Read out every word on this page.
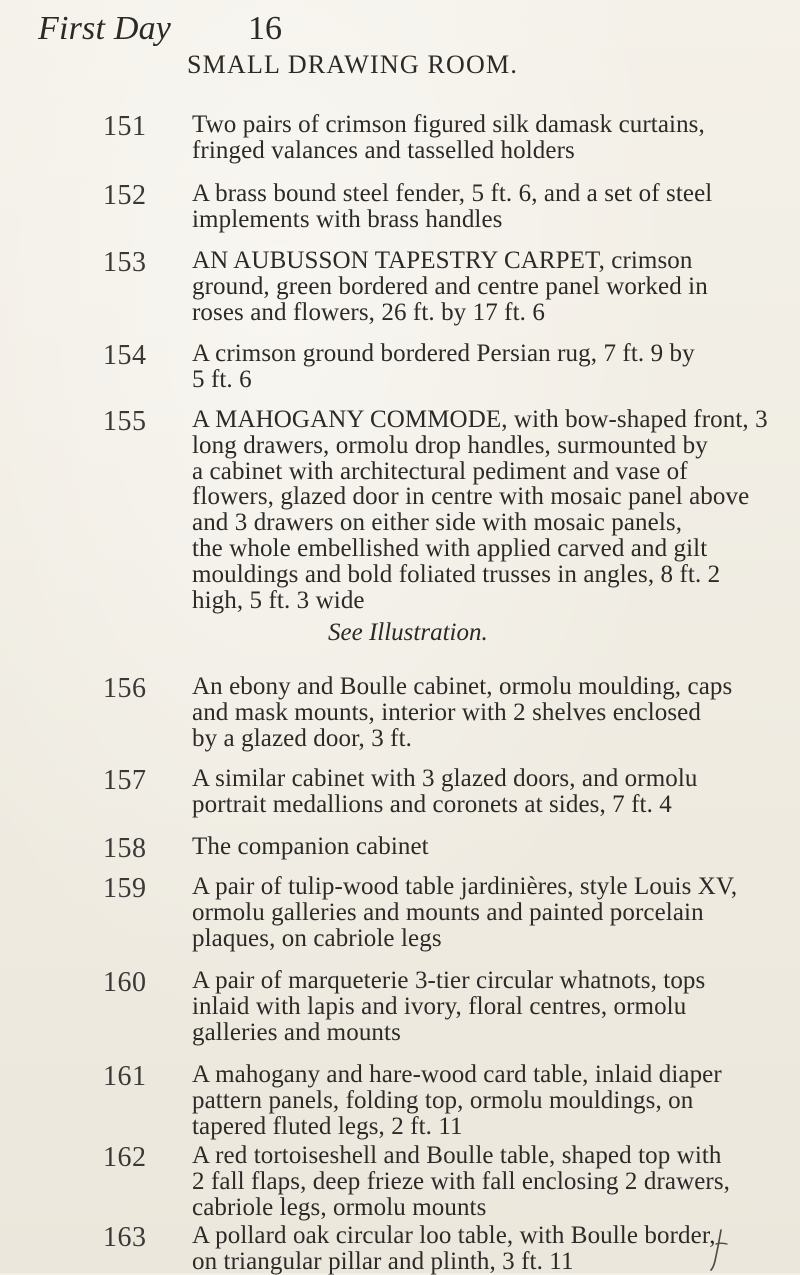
First Day 16
SMALL DRAWING ROOM.
151	Two pairs of crimson figured silk damask curtains,
fringed valances and tasselled holders
152	A brass bound steel fender, 5 ft. 6, and a set of steel
implements with brass handles
153	AN AUBUSSON TAPESTRY CARPET, crimson
ground, green bordered and centre panel worked in
roses and flowers, 26 ft. by 17 ft. 6
154	A crimson ground bordered Persian rug, 7 ft. 9 by
5 ft. 6
155	A MAHOGANY COMMODE, with bow-shaped front, 3
long drawers, ormolu drop handles, surmounted by
a cabinet with architectural pediment and vase of
flowers, glazed door in centre with mosaic panel above
and 3 drawers on either side with mosaic panels,
the whole embellished with applied carved and gilt
mouldings and bold foliated trusses in angles, 8 ft. 2
high, 5 ft. 3 wide
See Illustration.
156	An ebony and Boulle cabinet, ormolu moulding, caps
and mask mounts, interior with 2 shelves enclosed
by a glazed door, 3 ft.
157	A similar cabinet with 3 glazed doors, and ormolu
portrait medallions and coronets at sides, 7 ft. 4
158	The companion cabinet
159	A pair of tulip-wood table jardinières, style Louis XV,
ormolu galleries and mounts and painted porcelain
plaques, on cabriole legs
160	A pair of marqueterie 3-tier circular whatnots, tops
inlaid with lapis and ivory, floral centres, ormolu
galleries and mounts
161	A mahogany and hare-wood card table, inlaid diaper
pattern panels, folding top, ormolu mouldings, on
tapered fluted legs, 2 ft. 11
162	A red tortoiseshell and Boulle table, shaped top with
2 fall flaps, deep frieze with fall enclosing 2 drawers,
cabriole legs, ormolu mounts
163	A pollard oak circular loo table, with Boulle border,
on triangular pillar and plinth, 3 ft. 11
